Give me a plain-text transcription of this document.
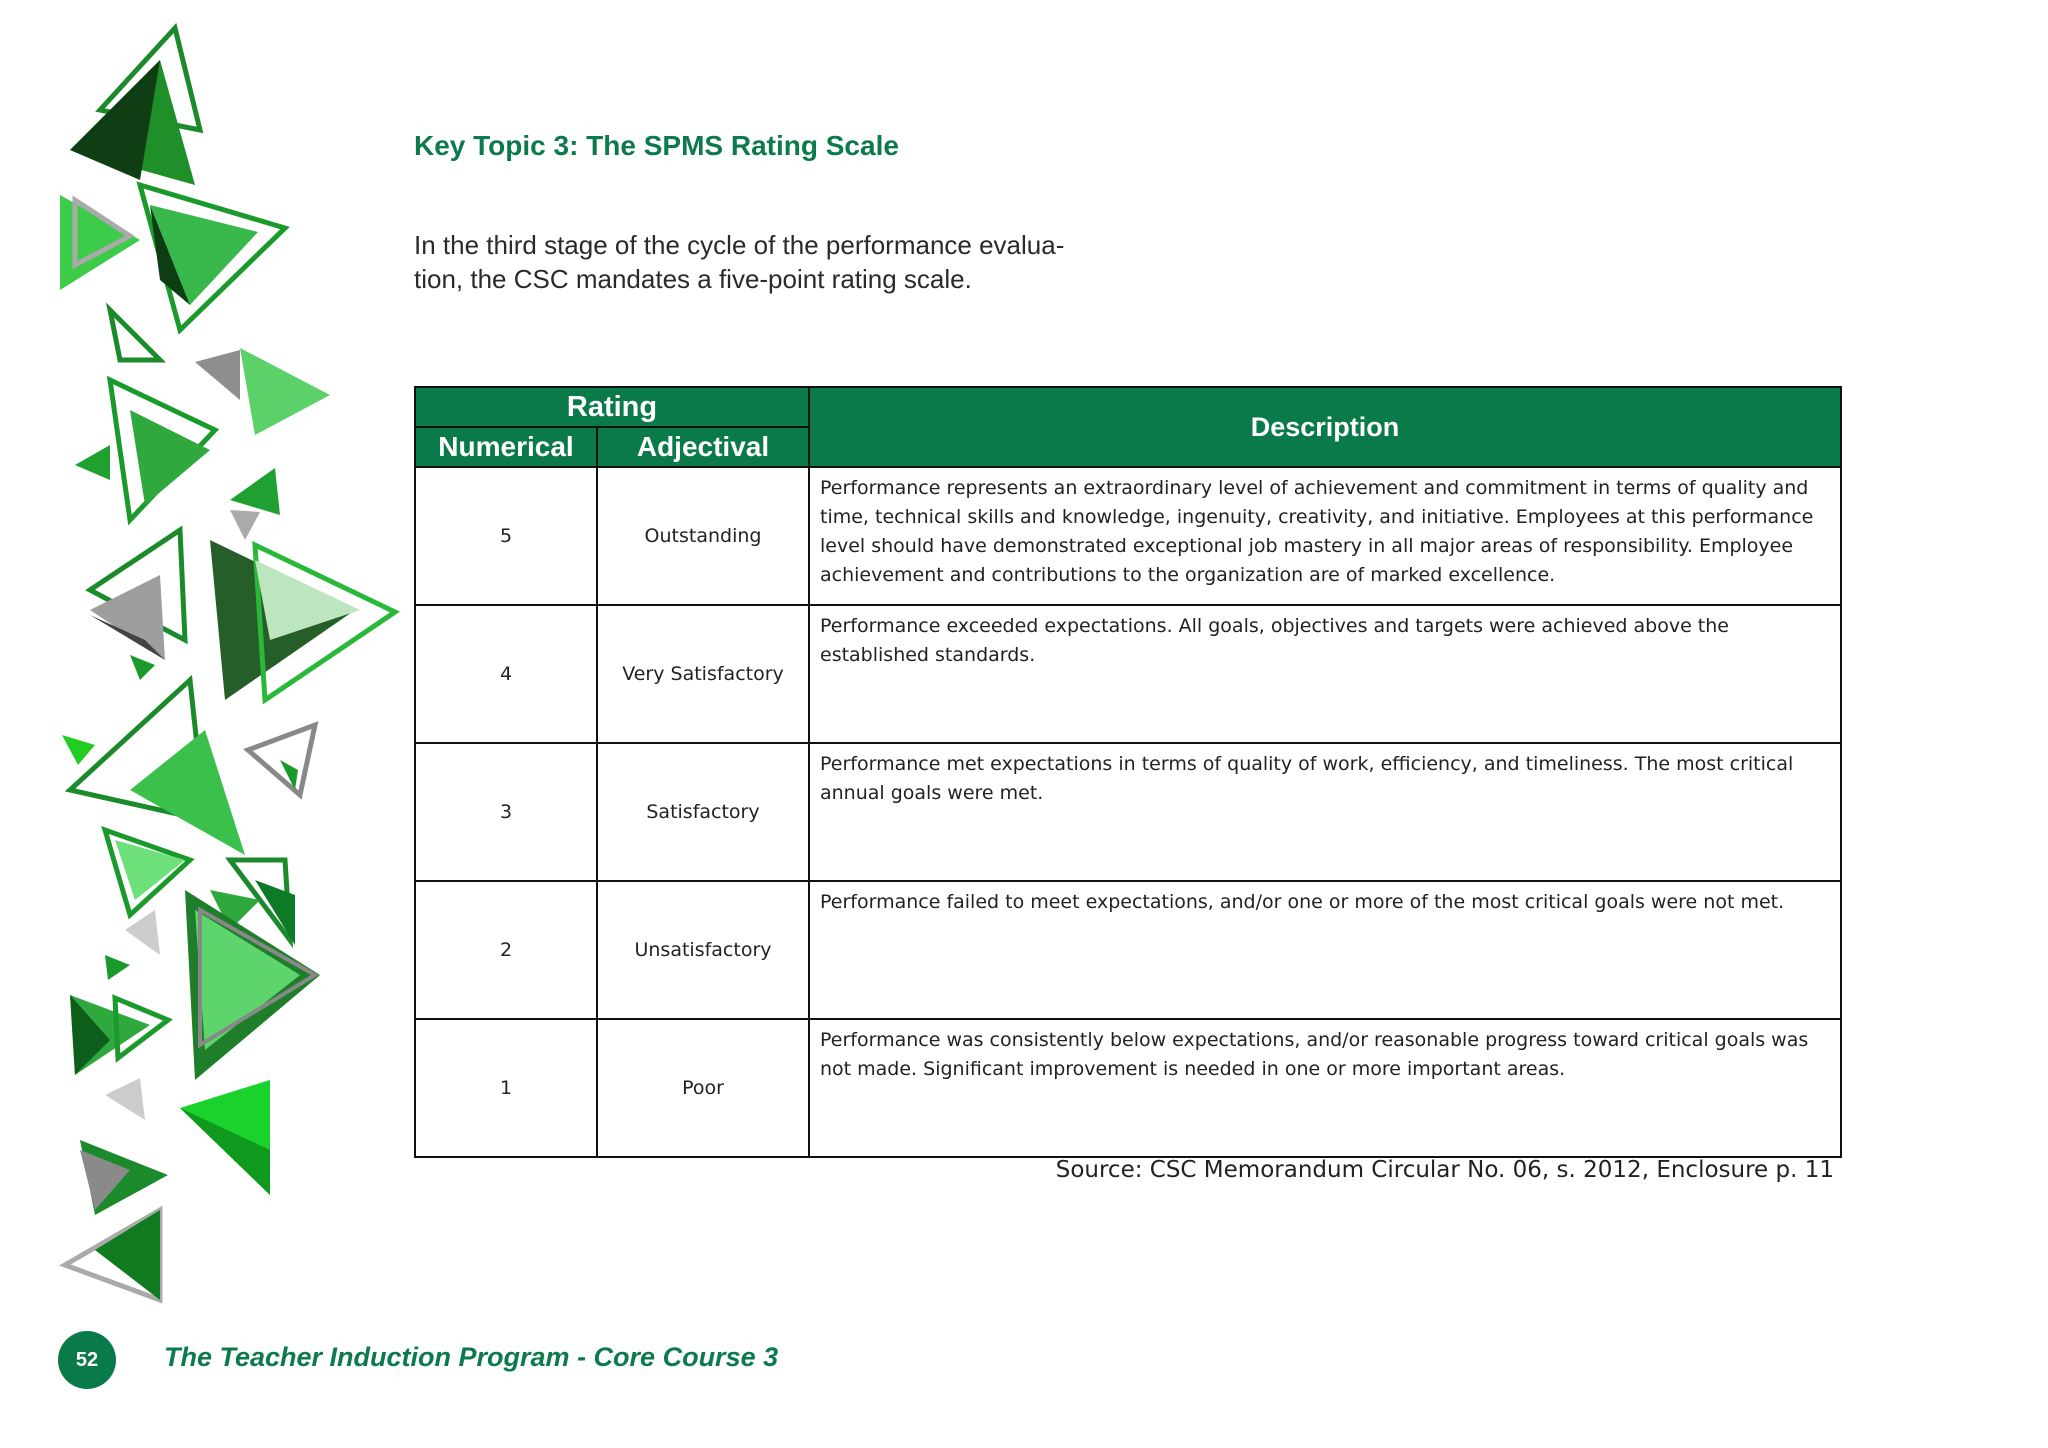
Key Topic 3: The SPMS Rating Scale

In the third stage of the cycle of the performance evalua-
tion, the CSC mandates a five-point rating scale.

Rating		Description
Numerical	Adjectival	
5	Outstanding	Performance represents an extraordinary level of achievement and commitment in terms of quality and time, technical skills and knowledge, ingenuity, creativity, and initiative. Employees at this performance level should have demonstrated exceptional job mastery in all major areas of responsibility. Employee achievement and contributions to the organization are of marked excellence.
4	Very Satisfactory	Performance exceeded expectations. All goals, objectives and targets were achieved above the established standards.
3	Satisfactory	Performance met expectations in terms of quality of work, efficiency, and timeliness. The most critical annual goals were met.
2	Unsatisfactory	Performance failed to meet expectations, and/or one or more of the most critical goals were not met.
1	Poor	Performance was consistently below expectations, and/or reasonable progress toward critical goals was not made. Significant improvement is needed in one or more important areas.

Source: CSC Memorandum Circular No. 06, s. 2012, Enclosure p. 11

52	The Teacher Induction Program - Core Course 3
